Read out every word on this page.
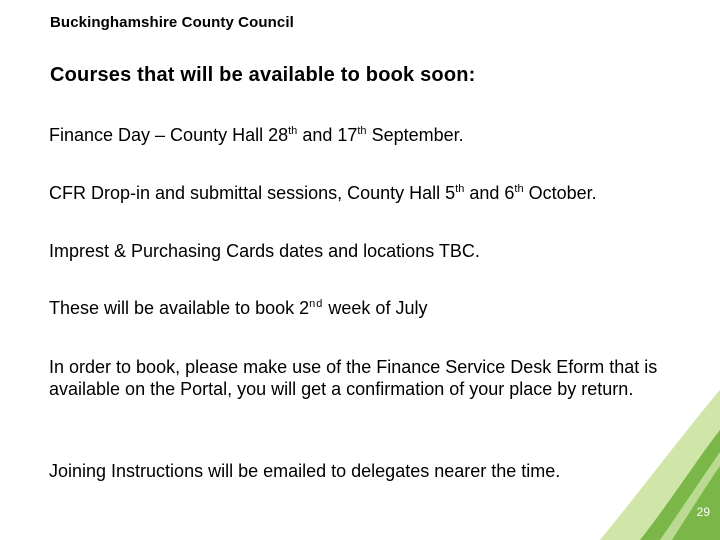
Buckinghamshire County Council
Courses that will be available to book soon:
Finance Day – County Hall 28th and 17th September.
CFR Drop-in and submittal sessions, County Hall 5th and 6th October.
Imprest & Purchasing Cards dates and locations TBC.
These will be available to book 2nd week of July
In order to book, please make use of the Finance Service Desk Eform that is available on the Portal, you will get a confirmation of your place by return.
Joining Instructions will be emailed to delegates nearer the time.
29
